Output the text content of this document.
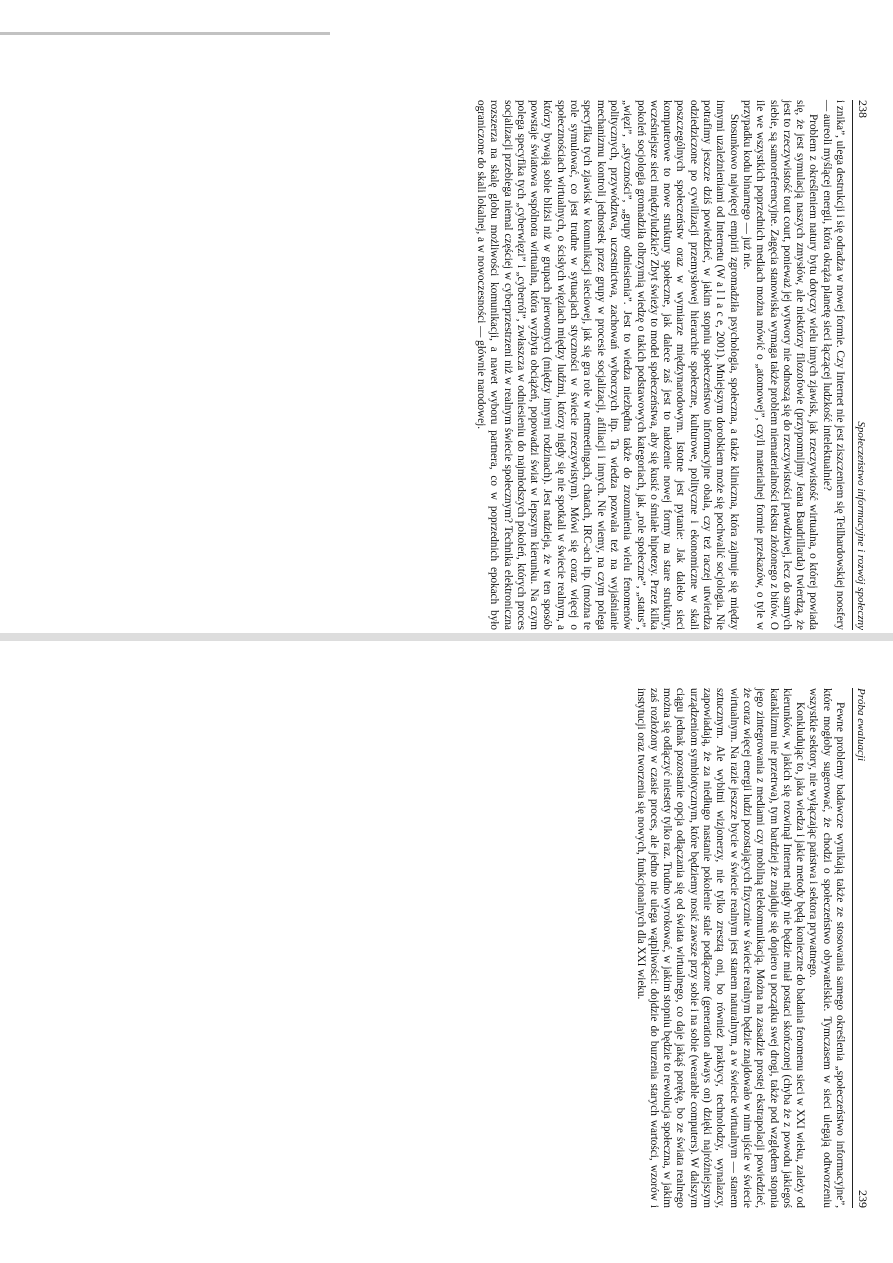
238
Społeczeństwo informacyjne i rozwój społeczny

i znika”, ulega destrukcji i się odradza w nowej formie. Czy Internet nie jest ziszczeniem się Teilhardowskiej noosfery — aureoli myślącej energii, która okrąża planetę sieci łączącej ludzkość intelektualnie?

Problem z określeniem natury bytu dotyczy wielu innych zjawisk, jak rzeczywistość wirtualna, o której powiada się, że jest symulacją naszych zmysłów, ale niektórzy filozofowie (przypomnijmy Jeana Baudrillarda) twierdzą, że jest to rzeczywistość tout court, ponieważ jej wytwory nie odnoszą się do rzeczywistości prawdziwej, lecz do samych siebie, są samoreferencyjne. Zagęcia stanowiska wymaga także problem niematerialności tekstu złożonego z bitów. O ile we wszystkich poprzednich mediach można mówić o „atomowej”, czyli materialnej formie przekazów, o tyle w przypadku kodu binarnego — już nie.

Stosunkowo najwięcej empirii zgromadziła psychologia, społeczna, a także kliniczna, która zajmuje się między innymi uzależnieniami od Internetu (W a l l a c e, 2001). Mniejszym dorobkiem może się pochwalić socjologia. Nie potrafimy jeszcze dziś powiedzieć, w jakim stopniu społeczeństwo informacyjne obala, czy też raczej utwierdza odziedziczone po cywilizacji przemysłowej hierarchie społeczne, kulturowe, polityczne i ekonomiczne w skali poszczególnych społeczeństw oraz w wymiarze międzynarodowym. Istotne jest pytanie: Jak daleko sieci komputerowe to nowe struktury społeczne, jak dalece zaś jest to nałożenie nowej formy na stare struktury, wcześniejsze sieci międzyludzkie? Zbyt świeży to model społeczeństwa, aby się kusić o śmiałe hipotezy. Przez kilka pokoleń socjologia gromadziła olbrzymią wiedzę o takich podstawowych kategoriach, jak „role społeczne”, „status”, „więzi”, „styczności”, „grupy odniesienia”. Jest to wiedza niezbędna także do zrozumienia wielu fenomenów politycznych, przywództwa, uczestnictwa, zachowań wyborczych itp. Ta wiedza pozwala też na wyjaśnianie mechanizmu kontroli jednostek przez grupy w procesie socjalizacji, afiliacji i innych. Nie wiemy, na czym polega specyfika tych zjawisk w komunikacji sieciowej, jak się gra role w netmeetingach, chatach, IRC-ach itp. (można te role symulować, co jest trudne w sytuacjach styczności w świecie rzeczywistym). Mówi się coraz więcej o społecznościach wirtualnych, o ścisłych więziach między ludźmi, którzy nigdy się nie spotkali w świecie realnym, a którzy bywają sobie bliżsi niż w grupach pierwotnych (między innymi rodzinach). Jest nadzieja, że w ten sposób powstaje światowa wspólnota wirtualna, która wyzbyta obciążeń, popowadzi świat w lepszym kierunku. Na czym polega specyfika tych „cyberwięzi” i „cyberról”, zwłaszcza w odniesieniu do najmłodszych pokoleń, których proces socjalizacji przebiega niemal częściej w cyberprzestrzeni niż w realnym świecie społecznym? Technika elektroniczna rozszerza na skalę globu możliwości komunikacji, a nawet wyboru partnera, co w poprzednich epokach było ograniczone do skali lokalnej, a w nowoczesności — głównie narodowej.

Próba ewaluacji
239

Pewne problemy badawcze wynikają także ze stosowania samego określenia „społeczeństwo informacyjne”, które mogłoby sugerować, że chodzi o społeczeństwo obywatelskie. Tymczasem w sieci ulegają odtworzeniu wszystkie sektory, nie wyłączając państwa i sektora prywatnego.

Konkludując to, jaka wiedza i jakie metody będą konieczne do badania fenomenu sieci w XXI wieku, zależy od kierunków, w jakich się rozwinął Internet nigdy nie będzie miał postaci skończonej (chyba że z powodu jakiegoś kataklizmu nie przetrwa), tym bardziej że znajduje się dopiero u początku swej drogi, także pod względem stopnia jego zintegrowania z mediami czy mobilną telekomunikacją. Można na zasadzie prostej ekstrapolacji powiedzieć, że coraz więcej energii ludzi pozostających fizycznie w świecie realnym będzie znajdowało w nim ujście w świecie wirtualnym. Na razie jeszcze bycie w świecie realnym jest stanem naturalnym, a w świecie wirtualnym — stanem sztucznym. Ale wybitni wizjonerzy, nie tylko zresztą oni, bo również praktycy, technolodzy, wynalazcy, zapowiadają, że za niedługo nastanie pokolenie stale podłączone (generation always on) dzięki najróżniejszym urządzeniom symbiotycznym, które będziemy nosić zawsze przy sobie i na sobie (wearable computers). W dalszym ciągu jednak pozostanie opcja odłączania się od świata wirtualnego, co daje jakąś porękę, bo ze świata realnego można się odłączyć niestety tylko raz. Trudno wyrokować, w jakim stopniu będzie to rewolucja społeczna, w jakim zaś rozłożony w czasie proces, ale jedno nie ulega wątpliwości: dojdzie do burzenia starych wartości, wzorów i instytucji oraz tworzenia się nowych, funkcjonalnych dla XXI wieku.
